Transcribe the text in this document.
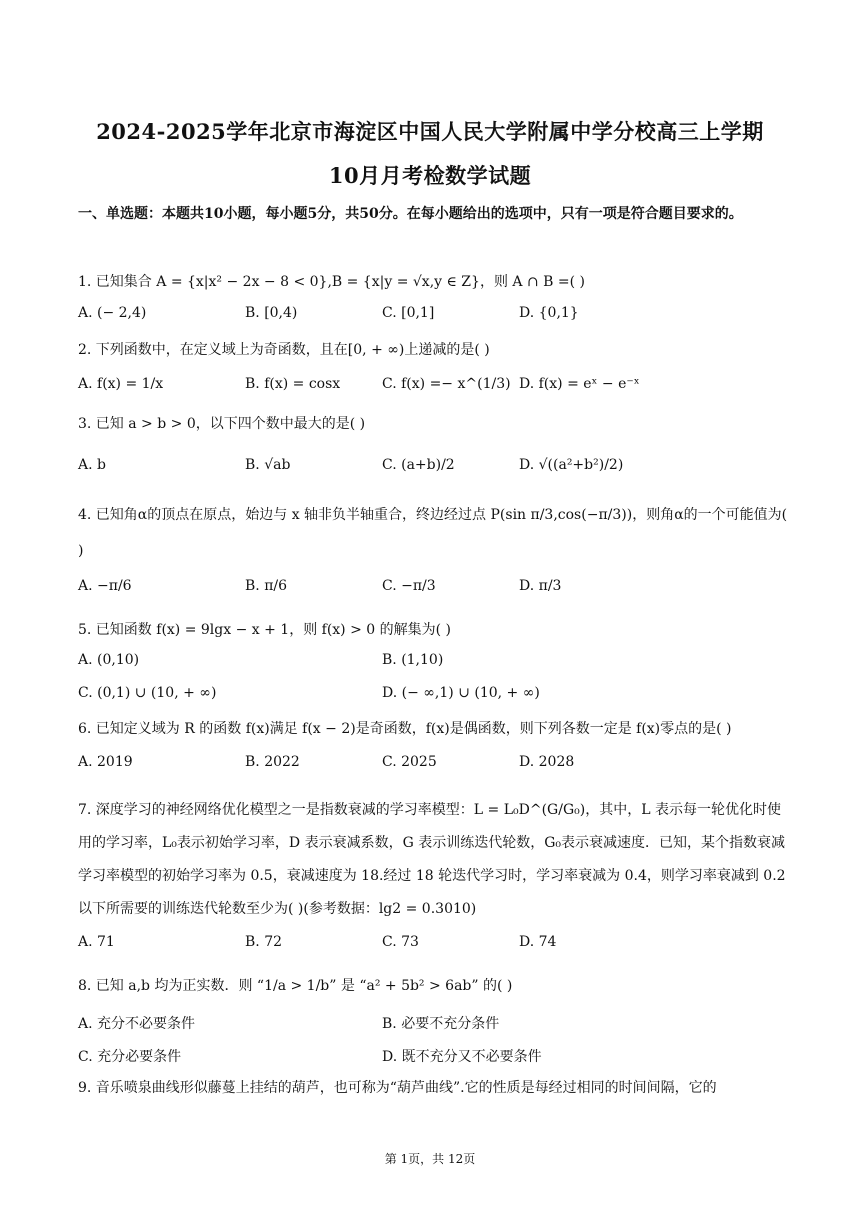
2024-2025学年北京市海淀区中国人民大学附属中学分校高三上学期
10月月考检数学试题
一、单选题：本题共10小题，每小题5分，共50分。在每小题给出的选项中，只有一项是符合题目要求的。
1. 已知集合 A = {x|x² − 2x − 8 < 0},B = {x|y = √x,y ∈ Z}，则 A ∩ B =( )
A. (− 2,4)	B. [0,4)	C. [0,1]	D. {0,1}
2. 下列函数中，在定义域上为奇函数，且在[0, + ∞)上递减的是( )
A. f(x) = 1/x	B. f(x) = cosx	C. f(x) =− x^(1/3) D. f(x) = eˣ − e⁻ˣ
3. 已知 a > b > 0，以下四个数中最大的是( )
A. b	B. √ab	C. (a+b)/2	D. √((a²+b²)/2)
4. 已知角α的顶点在原点，始边与 x 轴非负半轴重合，终边经过点 P(sin π/3,cos(−π/3))，则角α的一个可能值为( )
A. −π/6	B. π/6	C. −π/3	D. π/3
5. 已知函数 f(x) = 9lgx − x + 1，则 f(x) > 0 的解集为( )
A. (0,10)	B. (1,10)
C. (0,1) ∪ (10, + ∞)	D. (− ∞,1) ∪ (10, + ∞)
6. 已知定义域为 R 的函数 f(x)满足 f(x − 2)是奇函数，f(x)是偶函数，则下列各数一定是 f(x)零点的是( )
A. 2019	B. 2022	C. 2025	D. 2028
7. 深度学习的神经网络优化模型之一是指数衰减的学习率模型：L = L₀D^(G/G₀)，其中，L 表示每一轮优化时使用的学习率，L₀表示初始学习率，D 表示衰减系数，G 表示训练迭代轮数，G₀表示衰减速度．已知，某个指数衰减学习率模型的初始学习率为 0.5，衰减速度为 18.经过 18 轮迭代学习时，学习率衰减为 0.4，则学习率衰减到 0.2 以下所需要的训练迭代轮数至少为( )(参考数据：lg2 = 0.3010)
A. 71	B. 72	C. 73	D. 74
8. 已知 a,b 均为正实数．则 “1/a > 1/b” 是 “a² + 5b² > 6ab” 的( )
A. 充分不必要条件	B. 必要不充分条件
C. 充分必要条件	D. 既不充分又不必要条件
9. 音乐喷泉曲线形似藤蔓上挂结的葫芦，也可称为“葫芦曲线”.它的性质是每经过相同的时间间隔，它的
第 1页，共 12页
